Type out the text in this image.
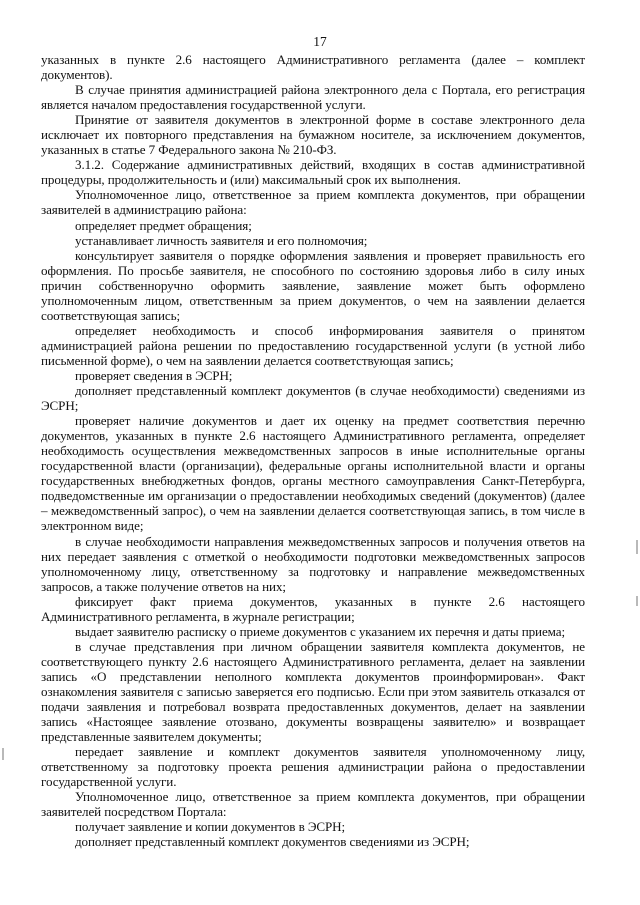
17

указанных в пункте 2.6 настоящего Административного регламента (далее – комплект документов).

В случае принятия администрацией района электронного дела с Портала, его регистрация является началом предоставления государственной услуги.

Принятие от заявителя документов в электронной форме в составе электронного дела исключает их повторного представления на бумажном носителе, за исключением документов, указанных в статье 7 Федерального закона № 210-ФЗ.

3.1.2. Содержание административных действий, входящих в состав административной процедуры, продолжительность и (или) максимальный срок их выполнения.

Уполномоченное лицо, ответственное за прием комплекта документов, при обращении заявителей в администрацию района:

определяет предмет обращения;

устанавливает личность заявителя и его полномочия;

консультирует заявителя о порядке оформления заявления и проверяет правильность его оформления. По просьбе заявителя, не способного по состоянию здоровья либо в силу иных причин собственноручно оформить заявление, заявление может быть оформлено уполномоченным лицом, ответственным за прием документов, о чем на заявлении делается соответствующая запись;

определяет необходимость и способ информирования заявителя о принятом администрацией района решении по предоставлению государственной услуги (в устной либо письменной форме), о чем на заявлении делается соответствующая запись;

проверяет сведения в ЭСРН;

дополняет представленный комплект документов (в случае необходимости) сведениями из ЭСРН;

проверяет наличие документов и дает их оценку на предмет соответствия перечню документов, указанных в пункте 2.6 настоящего Административного регламента, определяет необходимость осуществления межведомственных запросов в иные исполнительные органы государственной власти (организации), федеральные органы исполнительной власти и органы государственных внебюджетных фондов, органы местного самоуправления Санкт-Петербурга, подведомственные им организации о предоставлении необходимых сведений (документов) (далее – межведомственный запрос), о чем на заявлении делается соответствующая запись, в том числе в электронном виде;

в случае необходимости направления межведомственных запросов и получения ответов на них передает заявления с отметкой о необходимости подготовки межведомственных запросов уполномоченному лицу, ответственному за подготовку и направление межведомственных запросов, а также получение ответов на них;

фиксирует факт приема документов, указанных в пункте 2.6 настоящего Административного регламента, в журнале регистрации;

выдает заявителю расписку о приеме документов с указанием их перечня и даты приема;

в случае представления при личном обращении заявителя комплекта документов, не соответствующего пункту 2.6 настоящего Административного регламента, делает на заявлении запись «О представлении неполного комплекта документов проинформирован». Факт ознакомления заявителя с записью заверяется его подписью. Если при этом заявитель отказался от подачи заявления и потребовал возврата предоставленных документов, делает на заявлении запись «Настоящее заявление отозвано, документы возвращены заявителю» и возвращает представленные заявителем документы;

передает заявление и комплект документов заявителя уполномоченному лицу, ответственному за подготовку проекта решения администрации района о предоставлении государственной услуги.

Уполномоченное лицо, ответственное за прием комплекта документов, при обращении заявителей посредством Портала:

получает заявление и копии документов в ЭСРН;

дополняет представленный комплект документов сведениями из ЭСРН;
